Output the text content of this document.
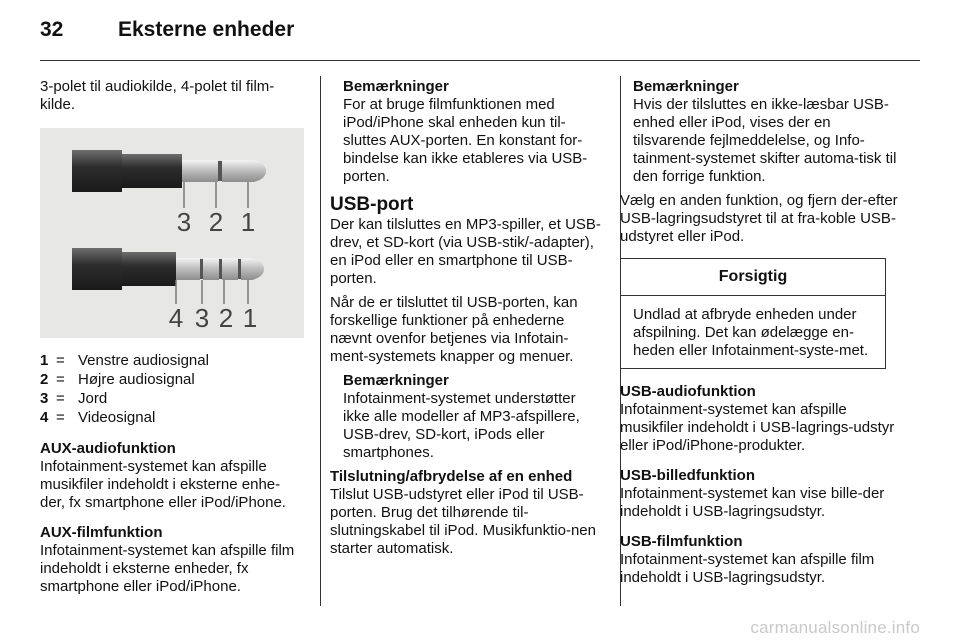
32	Eksterne enheder

3-polet til audiokilde, 4-polet til film-kilde.

3 2 1
4 3 2 1
1 = Venstre audiosignal
2 = Højre audiosignal
3 = Jord
4 = Videosignal
AUX-audiofunktion

Infotainment-systemet kan afspille musikfiler indeholdt i eksterne enhe-der, fx smartphone eller iPod/iPhone.

AUX-filmfunktion

Infotainment-systemet kan afspille film indeholdt i eksterne enheder, fx smartphone eller iPod/iPhone.

Bemærkninger

For at bruge filmfunktionen med iPod/iPhone skal enheden kun til-sluttes AUX-porten. En konstant for-bindelse kan ikke etableres via USB-porten.

USB-port

Der kan tilsluttes en MP3-spiller, et USB-drev, et SD-kort (via USB-stik/-adapter), en iPod eller en smartphone til USB-porten.

Når de er tilsluttet til USB-porten, kan forskellige funktioner på enhederne nævnt ovenfor betjenes via Infotain-ment-systemets knapper og menuer.

Bemærkninger

Infotainment-systemet understøtter ikke alle modeller af MP3-afspillere, USB-drev, SD-kort, iPods eller smartphones.

Tilslutning/afbrydelse af en enhed

Tilslut USB-udstyret eller iPod til USB-porten. Brug det tilhørende til-slutningskabel til iPod. Musikfunktio-nen starter automatisk.

Bemærkninger

Hvis der tilsluttes en ikke-læsbar USB-enhed eller iPod, vises der en tilsvarende fejlmeddelelse, og Info-tainment-systemet skifter automa-tisk til den forrige funktion.

Vælg en anden funktion, og fjern der-efter USB-lagringsudstyret til at fra-koble USB-udstyret eller iPod.

Forsigtig
Undlad at afbryde enheden under afspilning. Det kan ødelægge en-heden eller Infotainment-syste-met.
USB-audiofunktion

Infotainment-systemet kan afspille musikfiler indeholdt i USB-lagrings-udstyr eller iPod/iPhone-produkter.

USB-billedfunktion

Infotainment-systemet kan vise bille-der indeholdt i USB-lagringsudstyr.

USB-filmfunktion

Infotainment-systemet kan afspille film indeholdt i USB-lagringsudstyr.

carmanualsonline.info
